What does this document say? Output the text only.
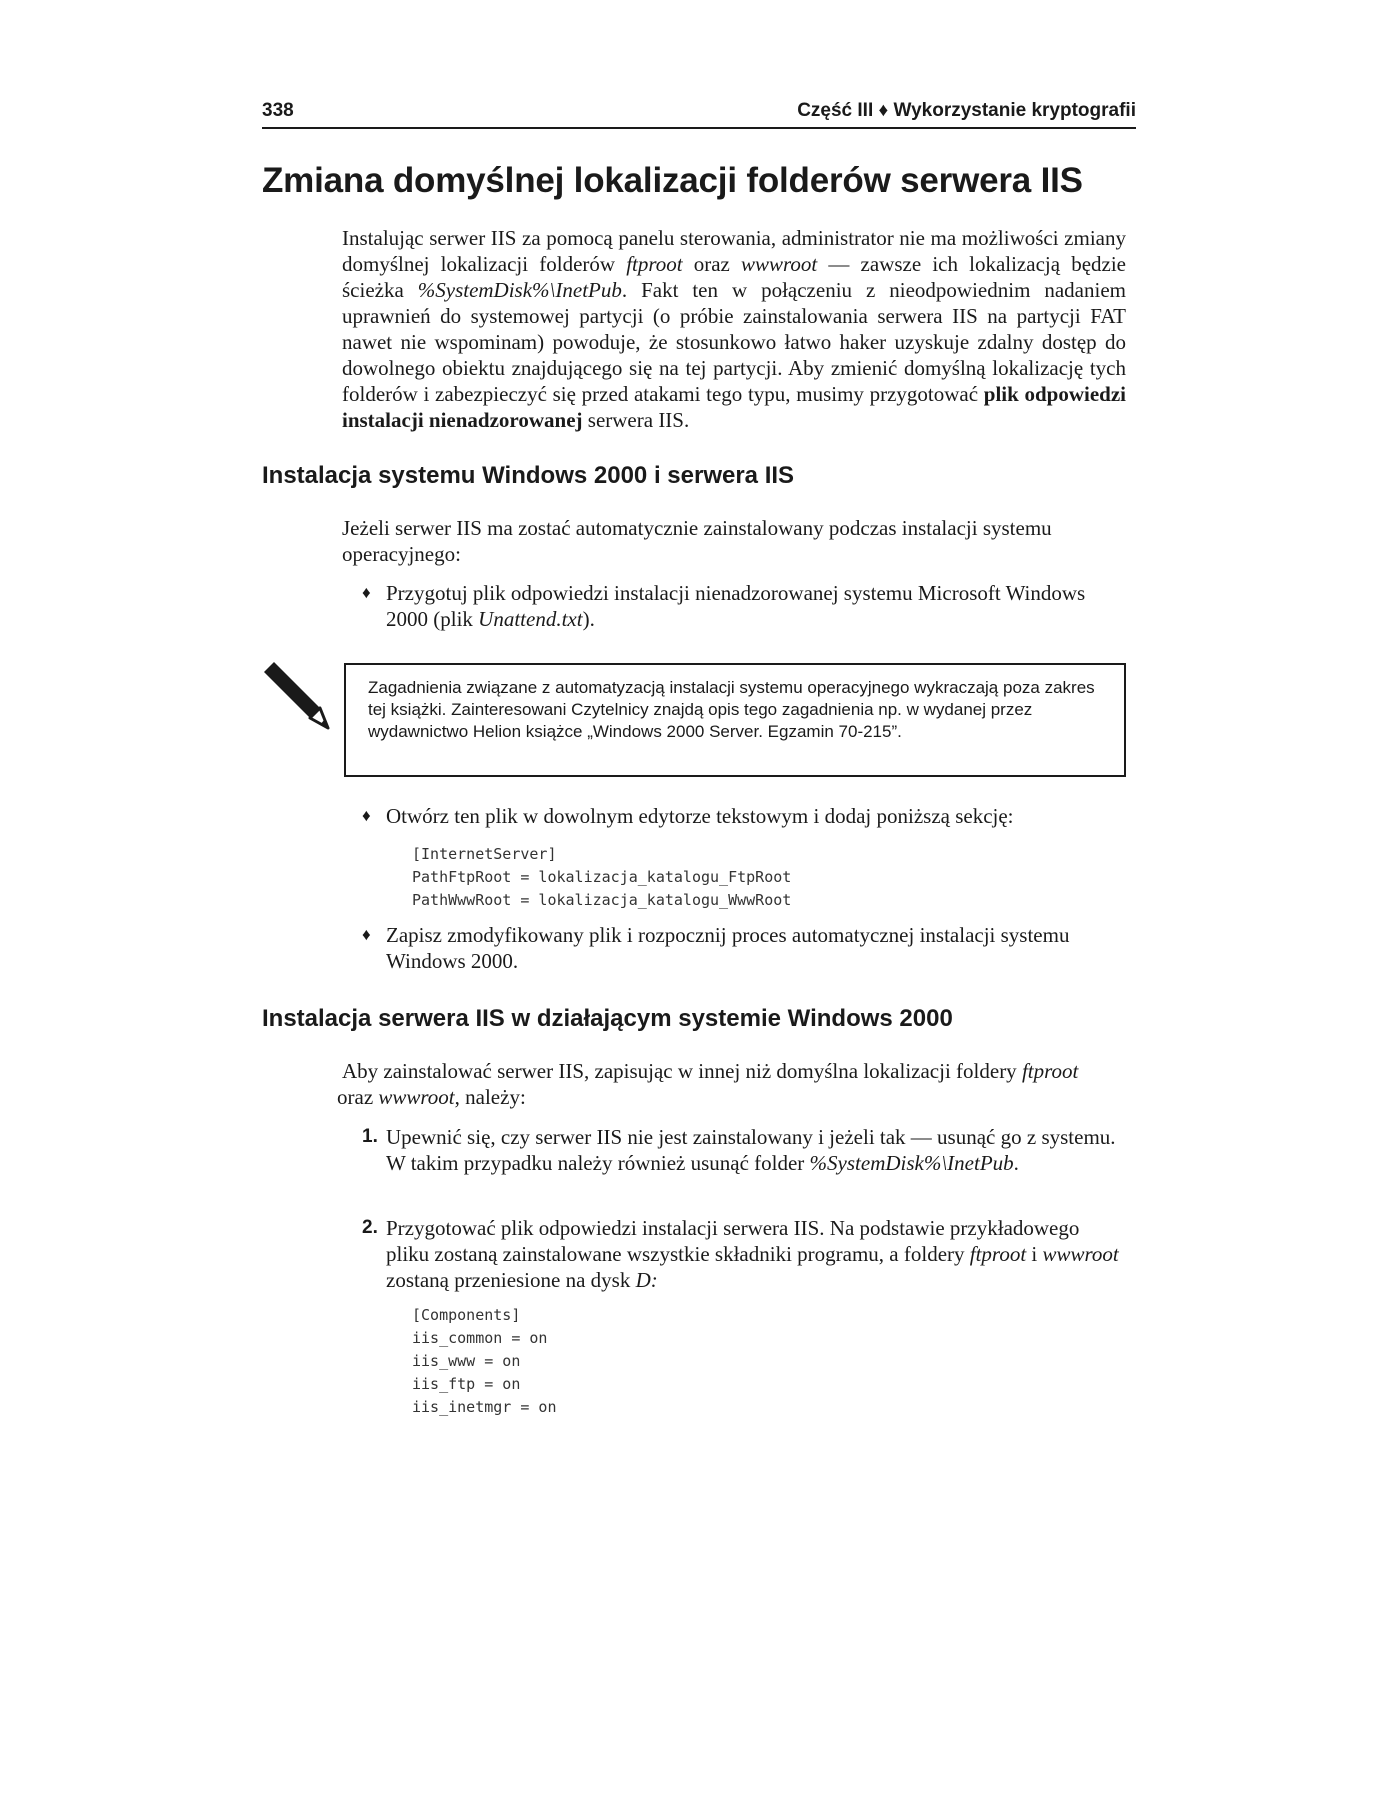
338	Część III ♦ Wykorzystanie kryptografii
Zmiana domyślnej lokalizacji folderów serwera IIS
Instalując serwer IIS za pomocą panelu sterowania, administrator nie ma możliwości zmiany domyślnej lokalizacji folderów ftproot oraz wwwroot — zawsze ich lokalizacją będzie ścieżka %SystemDisk%\InetPub. Fakt ten w połączeniu z nieodpowiednim nadaniem uprawnień do systemowej partycji (o próbie zainstalowania serwera IIS na partycji FAT nawet nie wspominam) powoduje, że stosunkowo łatwo haker uzyskuje zdalny dostęp do dowolnego obiektu znajdującego się na tej partycji. Aby zmienić domyślną lokalizację tych folderów i zabezpieczyć się przed atakami tego typu, musimy przygotować plik odpowiedzi instalacji nienadzorowanej serwera IIS.
Instalacja systemu Windows 2000 i serwera IIS
Jeżeli serwer IIS ma zostać automatycznie zainstalowany podczas instalacji systemu operacyjnego:
♦ Przygotuj plik odpowiedzi instalacji nienadzorowanej systemu Microsoft Windows 2000 (plik Unattend.txt).
Zagadnienia związane z automatyzacją instalacji systemu operacyjnego wykraczają poza zakres tej książki. Zainteresowani Czytelnicy znajdą opis tego zagadnienia np. w wydanej przez wydawnictwo Helion książce „Windows 2000 Server. Egzamin 70-215”.
♦ Otwórz ten plik w dowolnym edytorze tekstowym i dodaj poniższą sekcję:
[InternetServer]
PathFtpRoot = lokalizacja_katalogu_FtpRoot
PathWwwRoot = lokalizacja_katalogu_WwwRoot
♦ Zapisz zmodyfikowany plik i rozpocznij proces automatycznej instalacji systemu Windows 2000.
Instalacja serwera IIS w działającym systemie Windows 2000
Aby zainstalować serwer IIS, zapisując w innej niż domyślna lokalizacji foldery ftproot
oraz wwwroot, należy:
1. Upewnić się, czy serwer IIS nie jest zainstalowany i jeżeli tak — usunąć go z systemu. W takim przypadku należy również usunąć folder %SystemDisk%\InetPub.
2. Przygotować plik odpowiedzi instalacji serwera IIS. Na podstawie przykładowego pliku zostaną zainstalowane wszystkie składniki programu, a foldery ftproot i wwwroot zostaną przeniesione na dysk D:
[Components]
iis_common = on
iis_www = on
iis_ftp = on
iis_inetmgr = on
